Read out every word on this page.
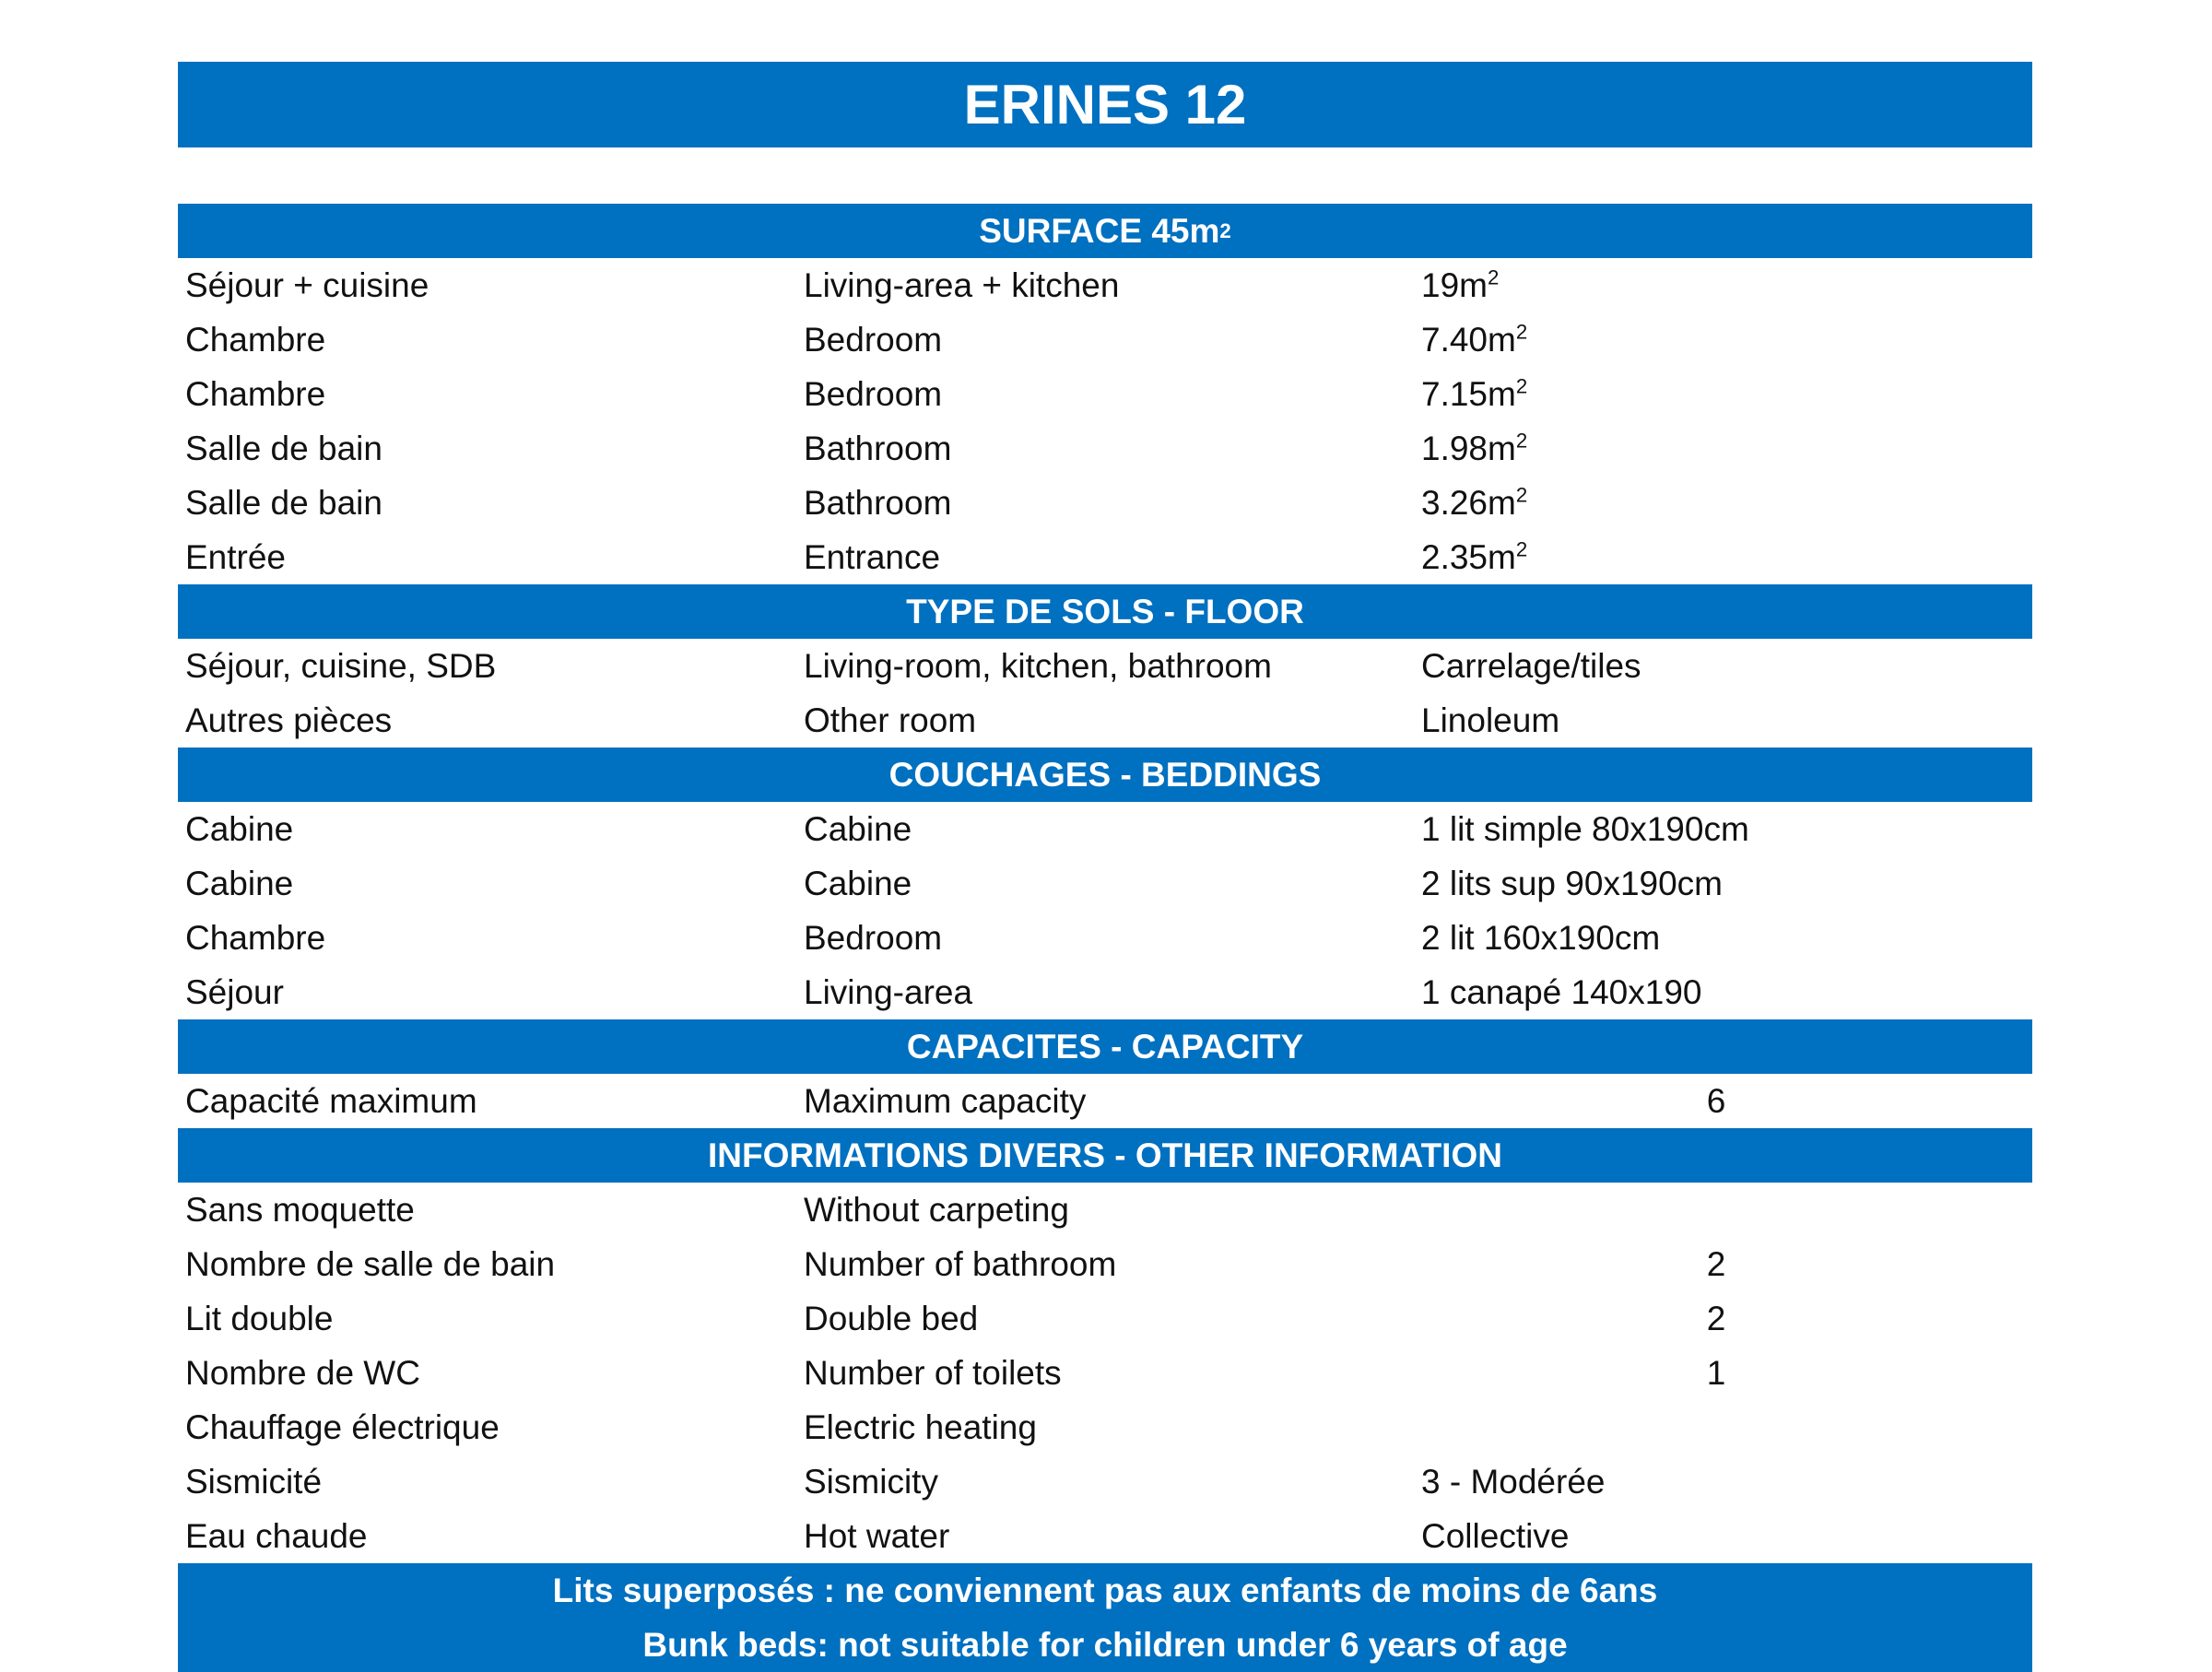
ERINES 12
SURFACE 45m 2
Séjour + cuisine	Living-area + kitchen	$19m^2$
Chambre	Bedroom	$7.40m^2$
Chambre	Bedroom	$7.15m^2$
Salle de bain	Bathroom	$1.98m^2$
Salle de bain	Bathroom	$3.26m^2$
Entrée	Entrance	$2.35m^2$
TYPE DE SOLS - FLOOR
Séjour, cuisine, SDB	Living-room, kitchen, bathroom	Carrelage/tiles
Autres pièces	Other room	Linoleum
COUCHAGES - BEDDINGS
Cabine	Cabine	1 lit simple 80x190cm
Cabine	Cabine	2 lits sup 90x190cm
Chambre	Bedroom	2 lit 160x190cm
Séjour	Living-area	1 canapé 140x190
CAPACITES - CAPACITY
Capacité maximum	Maximum capacity	6
INFORMATIONS DIVERS - OTHER INFORMATION
Sans moquette	Without carpeting
Nombre de salle de bain	Number of bathroom	2
Lit double	Double bed	2
Nombre de WC	Number of toilets	1
Chauffage électrique	Electric heating
Sismicité	Sismicity	3 - Modérée
Eau chaude	Hot water	Collective
Lits superposés : ne conviennent pas aux enfants de moins de 6ans
Bunk beds: not suitable for children under 6 years of age
